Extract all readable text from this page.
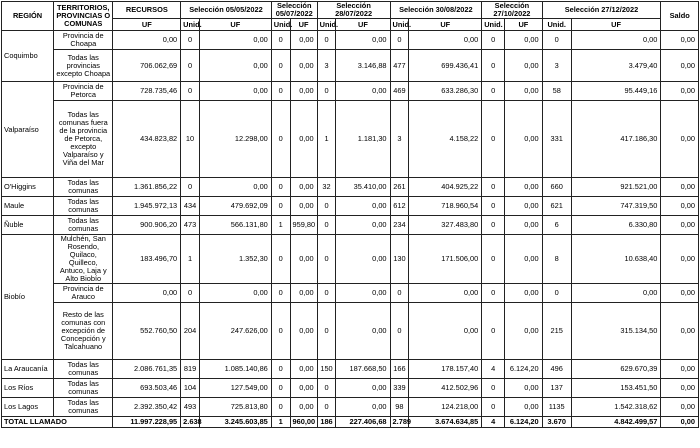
REGIÓN	TERRITORIOS, PROVINCIAS O COMUNAS	RECURSOS	Selección 05/05/2022		Selección 05/07/2022		Selección 28/07/2022		Selección 30/08/2022		Selección 27/10/2022		Selección 27/12/2022		Saldo
		UF	Unid.	UF	Unid.	UF	Unid.	UF	Unid.	UF	Unid.	UF	Unid.	UF	
Coquimbo	Provincia de Choapa	0,00	0	0,00	0	0,00	0	0,00	0	0,00	0	0,00	0	0,00	0,00
	Todas las provincias excepto Choapa	706.062,69	0	0,00	0	0,00	3	3.146,88	477	699.436,41	0	0,00	3	3.479,40	0,00
Valparaíso	Provincia de Petorca	728.735,46	0	0,00	0	0,00	0	0,00	469	633.286,30	0	0,00	58	95.449,16	0,00
	Todas las comunas fuera de la provincia de Petorca, excepto Valparaíso y Viña del Mar	434.823,82	10	12.298,00	0	0,00	1	1.181,30	3	4.158,22	0	0,00	331	417.186,30	0,00
O'Higgins	Todas las comunas	1.361.856,22	0	0,00	0	0,00	32	35.410,00	261	404.925,22	0	0,00	660	921.521,00	0,00
Maule	Todas las comunas	1.945.972,13	434	479.692,09	0	0,00	0	0,00	612	718.960,54	0	0,00	621	747.319,50	0,00
Ñuble	Todas las comunas	900.906,20	473	566.131,80	1	959,80	0	0,00	234	327.483,80	0	0,00	6	6.330,80	0,00
Biobío	Mulchén, San Rosendo, Quilaco, Quilleco, Antuco, Laja y Alto Biobío	183.496,70	1	1.352,30	0	0,00	0	0,00	130	171.506,00	0	0,00	8	10.638,40	0,00
	Provincia de Arauco	0,00	0	0,00	0	0,00	0	0,00	0	0,00	0	0,00	0	0,00	0,00
	Resto de las comunas con excepción de Concepción y Talcahuano	552.760,50	204	247.626,00	0	0,00	0	0,00	0	0,00	0	0,00	215	315.134,50	0,00
La Araucanía	Todas las comunas	2.086.761,35	819	1.085.140,86	0	0,00	150	187.668,50	166	178.157,40	4	6.124,20	496	629.670,39	0,00
Los Ríos	Todas las comunas	693.503,46	104	127.549,00	0	0,00	0	0,00	339	412.502,96	0	0,00	137	153.451,50	0,00
Los Lagos	Todas las comunas	2.392.350,42	493	725.813,80	0	0,00	0	0,00	98	124.218,00	0	0,00	1135	1.542.318,62	0,00
TOTAL LLAMADO		11.997.228,95	2.638	3.245.603,85	1	960,00	186	227.406,68	2.789	3.674.634,85	4	6.124,20	3.670	4.842.499,57	0,00
